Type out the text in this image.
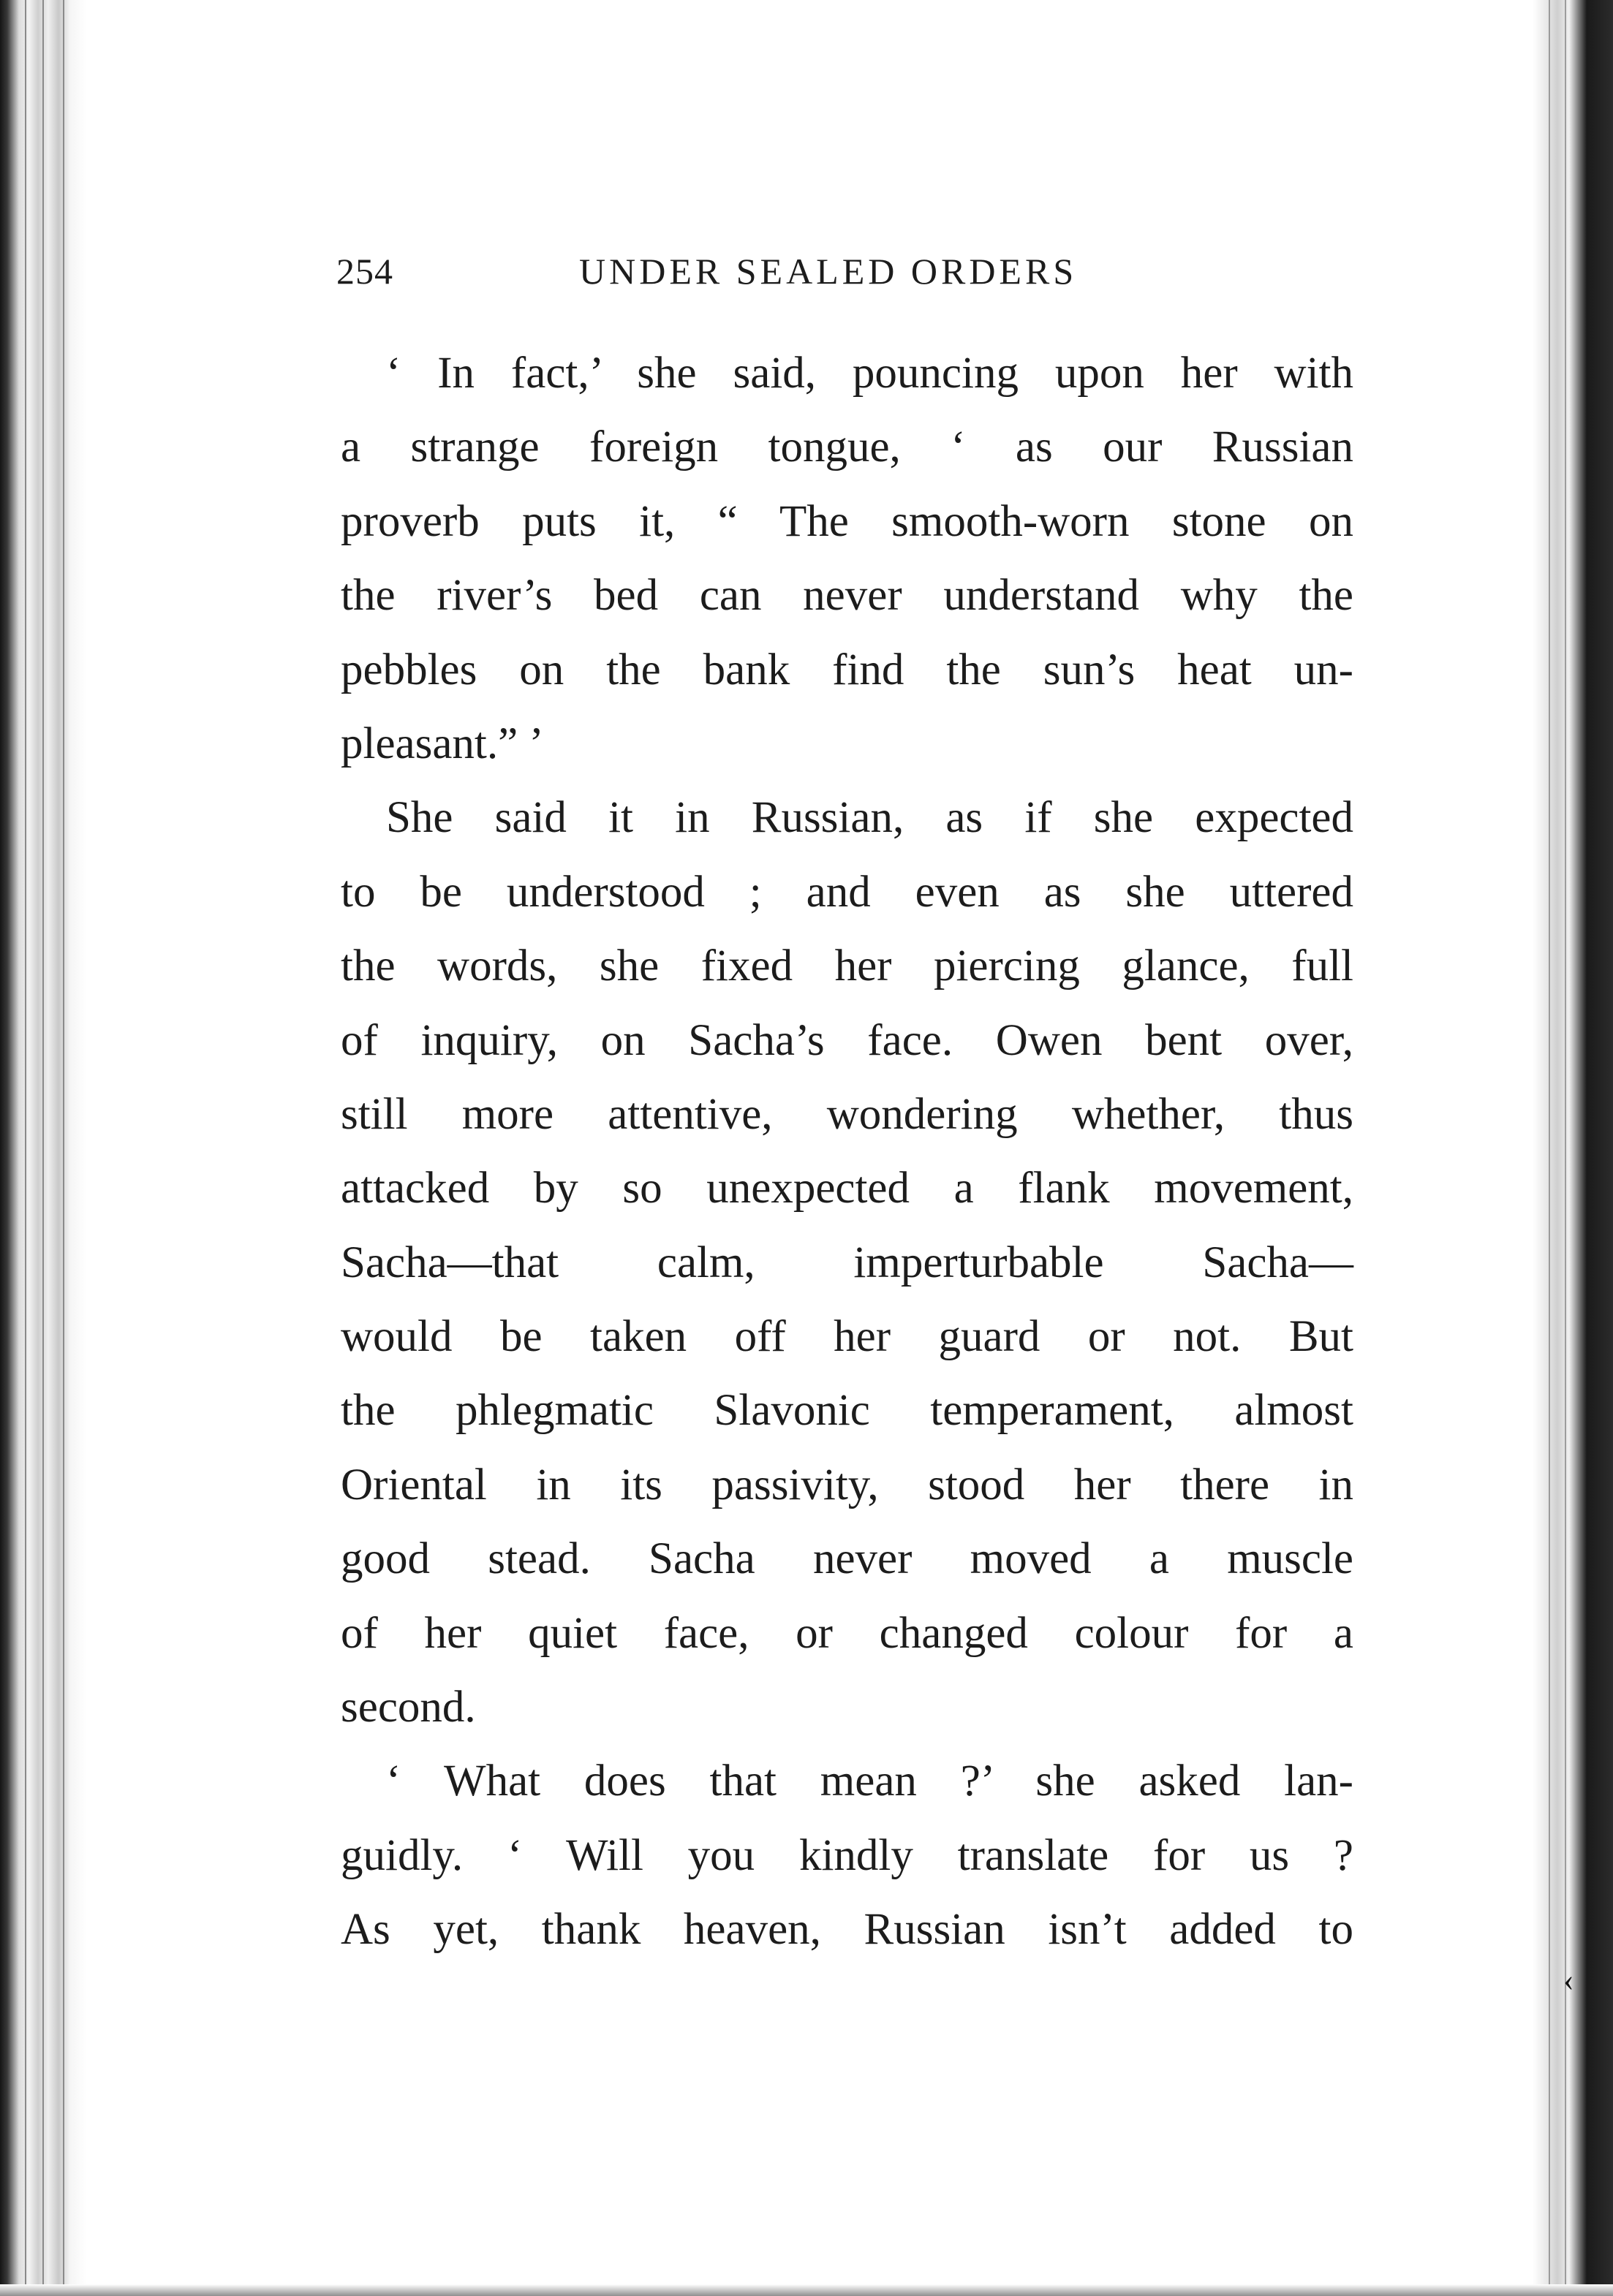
254	UNDER SEALED ORDERS
‘ In fact,’ she said, pouncing upon her with
a strange foreign tongue, ‘ as our Russian
proverb puts it, “ The smooth-worn stone on
the river’s bed can never understand why the
pebbles on the bank find the sun’s heat un-
pleasant.” ’
She said it in Russian, as if she expected
to be understood ; and even as she uttered
the words, she fixed her piercing glance, full
of inquiry, on Sacha’s face. Owen bent over,
still more attentive, wondering whether, thus
attacked by so unexpected a flank movement,
Sacha—that calm, imperturbable Sacha—
would be taken off her guard or not. But
the phlegmatic Slavonic temperament, almost
Oriental in its passivity, stood her there in
good stead. Sacha never moved a muscle
of her quiet face, or changed colour for a
second.
‘ What does that mean ?’ she asked lan-
guidly. ‘ Will you kindly translate for us ?
As yet, thank heaven, Russian isn’t added to
‹
